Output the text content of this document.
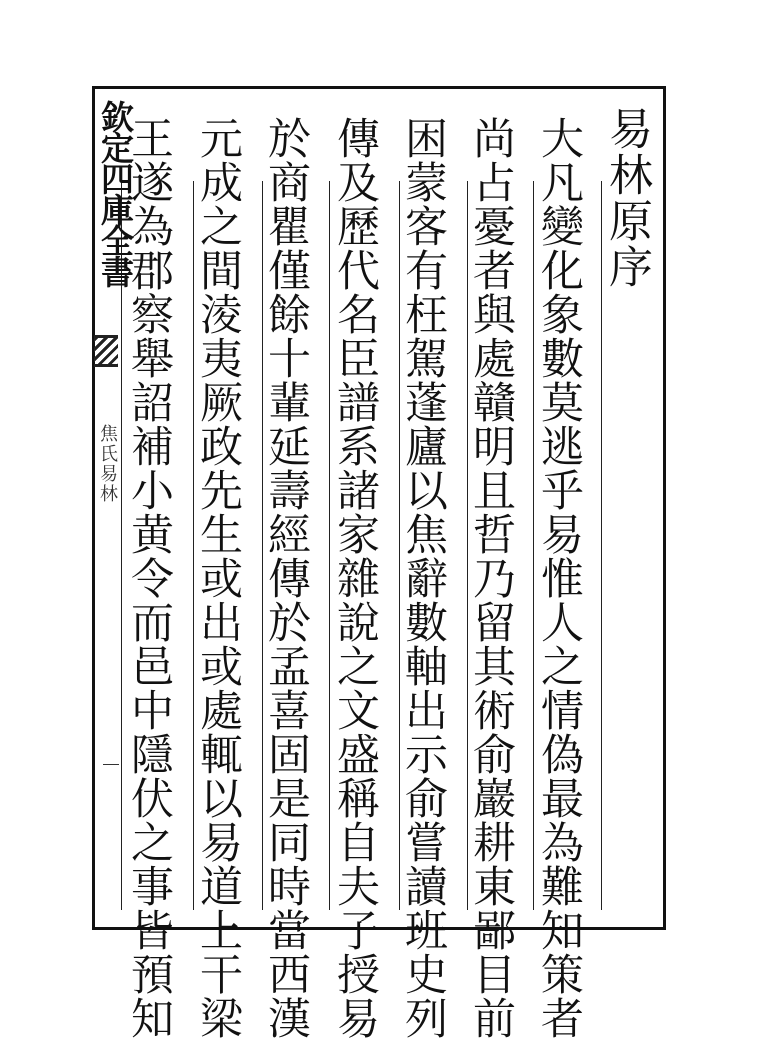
欽定四庫全書
焦氏易林
易林原序
大凡變化象數莫逃乎易惟人之情偽最為難知策者
尚占憂者與處贛明且哲乃留其術俞巖耕東鄙目前
困蒙客有枉駕蓬廬以焦辭數軸出示俞嘗讀班史列
傳及歷代名臣譜系諸家雜說之文盛稱自夫子授易
於商瞿僅餘十輩延壽經傳於孟喜固是同時當西漢
元成之間淩夷厥政先生或出或處輒以易道上干梁
王遂為郡察舉詔補小黄令而邑中隱伏之事皆預知
